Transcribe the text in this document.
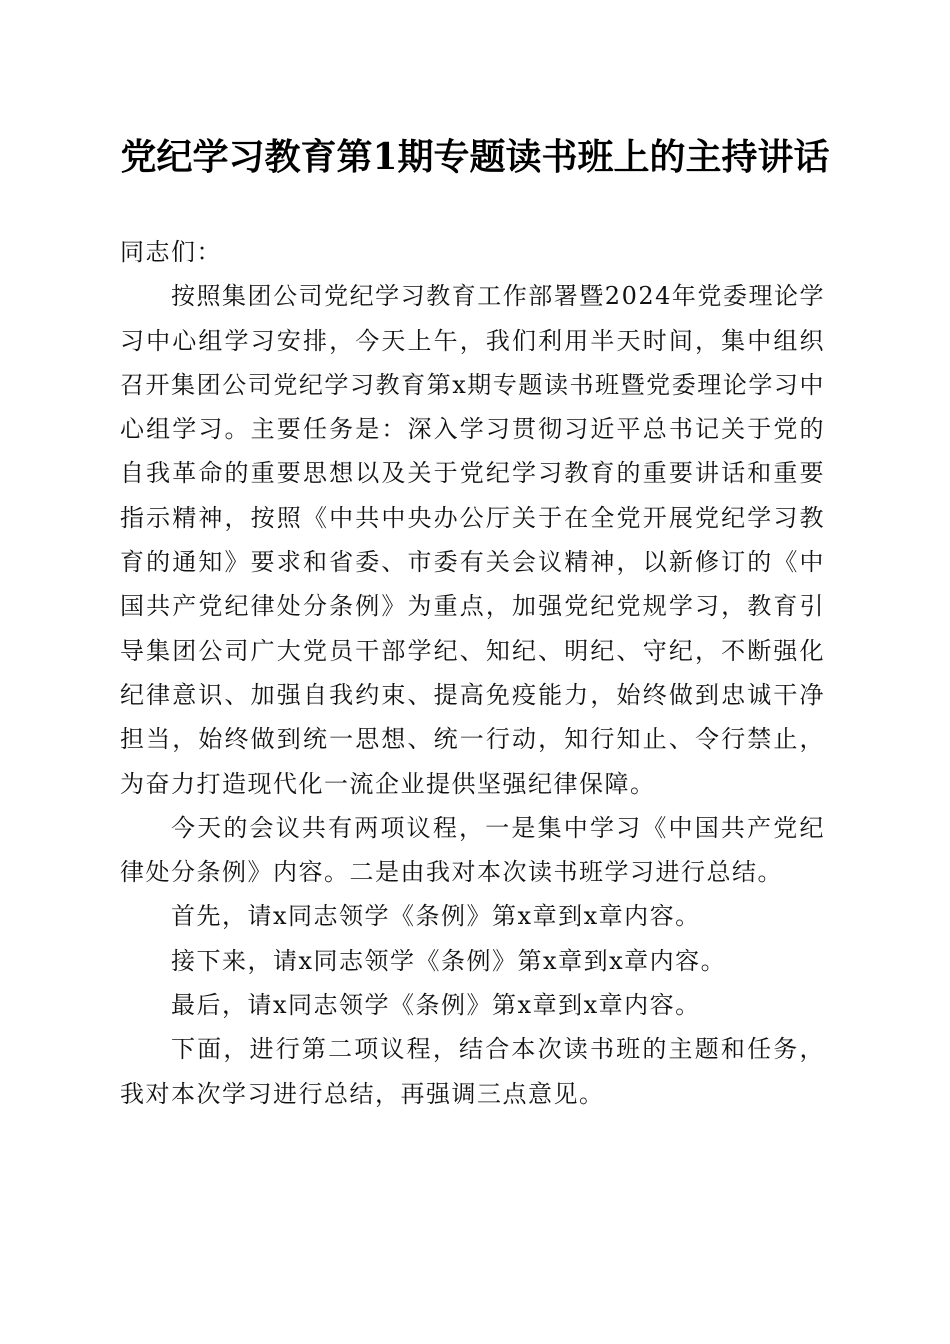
党纪学习教育第1期专题读书班上的主持讲话

同志们：

按照集团公司党纪学习教育工作部署暨2024年党委理论学习中心组学习安排，今天上午，我们利用半天时间，集中组织召开集团公司党纪学习教育第x期专题读书班暨党委理论学习中心组学习。主要任务是：深入学习贯彻习近平总书记关于党的自我革命的重要思想以及关于党纪学习教育的重要讲话和重要指示精神，按照《中共中央办公厅关于在全党开展党纪学习教育的通知》要求和省委、市委有关会议精神，以新修订的《中国共产党纪律处分条例》为重点，加强党纪党规学习，教育引导集团公司广大党员干部学纪、知纪、明纪、守纪，不断强化纪律意识、加强自我约束、提高免疫能力，始终做到忠诚干净担当，始终做到统一思想、统一行动，知行知止、令行禁止，为奋力打造现代化一流企业提供坚强纪律保障。

今天的会议共有两项议程，一是集中学习《中国共产党纪律处分条例》内容。二是由我对本次读书班学习进行总结。

首先，请x同志领学《条例》第x章到x章内容。

接下来，请x同志领学《条例》第x章到x章内容。

最后，请x同志领学《条例》第x章到x章内容。

下面，进行第二项议程，结合本次读书班的主题和任务，我对本次学习进行总结，再强调三点意见。
